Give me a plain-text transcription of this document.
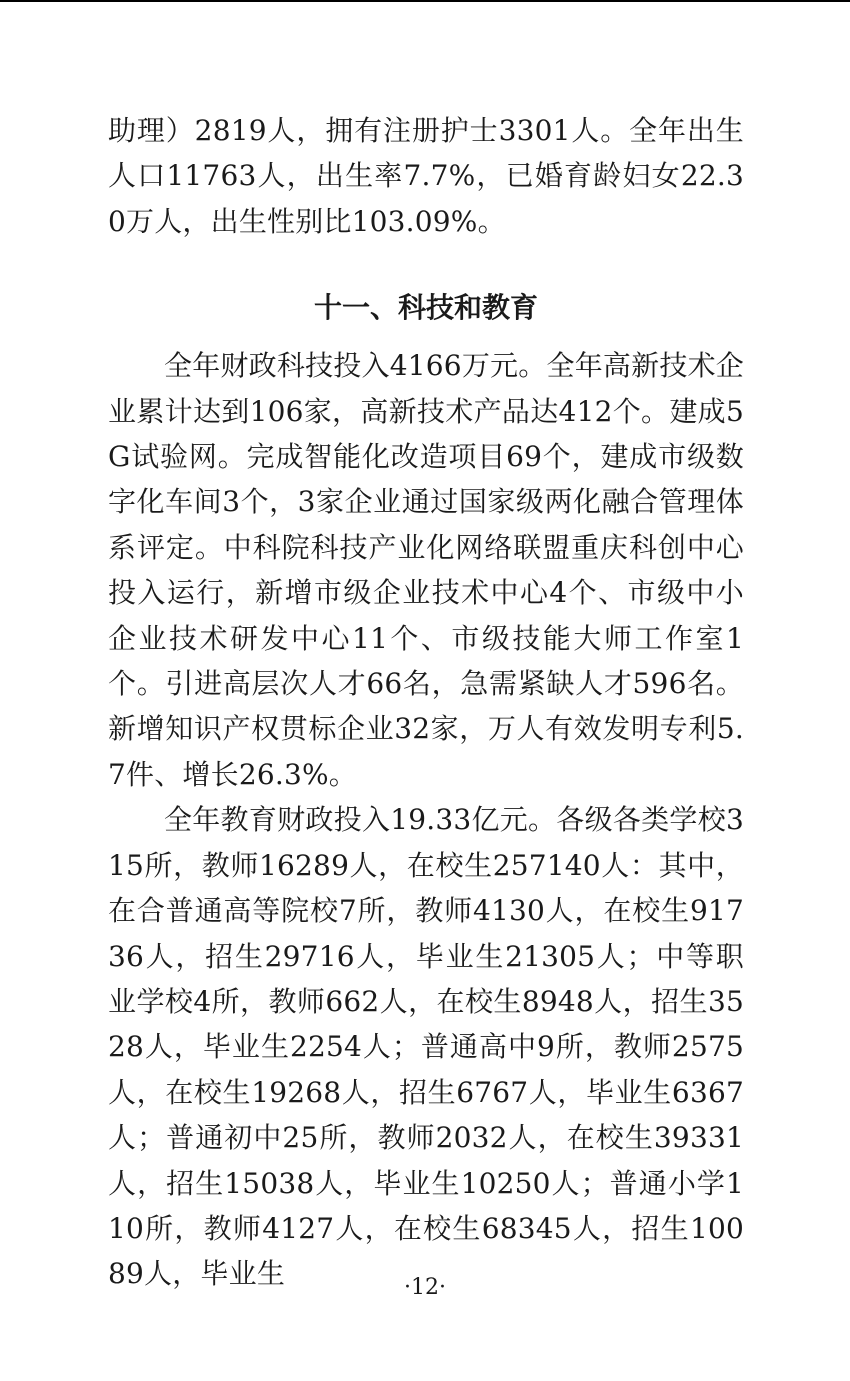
助理）2819人，拥有注册护士3301人。全年出生人口11763人，出生率7.7%，已婚育龄妇女22.30万人，出生性别比103.09%。

十一、科技和教育

全年财政科技投入4166万元。全年高新技术企业累计达到106家，高新技术产品达412个。建成5G试验网。完成智能化改造项目69个，建成市级数字化车间3个，3家企业通过国家级两化融合管理体系评定。中科院科技产业化网络联盟重庆科创中心投入运行，新增市级企业技术中心4个、市级中小企业技术研发中心11个、市级技能大师工作室1个。引进高层次人才66名，急需紧缺人才596名。新增知识产权贯标企业32家，万人有效发明专利5.7件、增长26.3%。

全年教育财政投入19.33亿元。各级各类学校315所，教师16289人，在校生257140人：其中，在合普通高等院校7所，教师4130人，在校生91736人，招生29716人，毕业生21305人；中等职业学校4所，教师662人，在校生8948人，招生3528人，毕业生2254人；普通高中9所，教师2575人，在校生19268人，招生6767人，毕业生6367人；普通初中25所，教师2032人，在校生39331人，招生15038人，毕业生10250人；普通小学110所，教师4127人，在校生68345人，招生10089人，毕业生	·12·
